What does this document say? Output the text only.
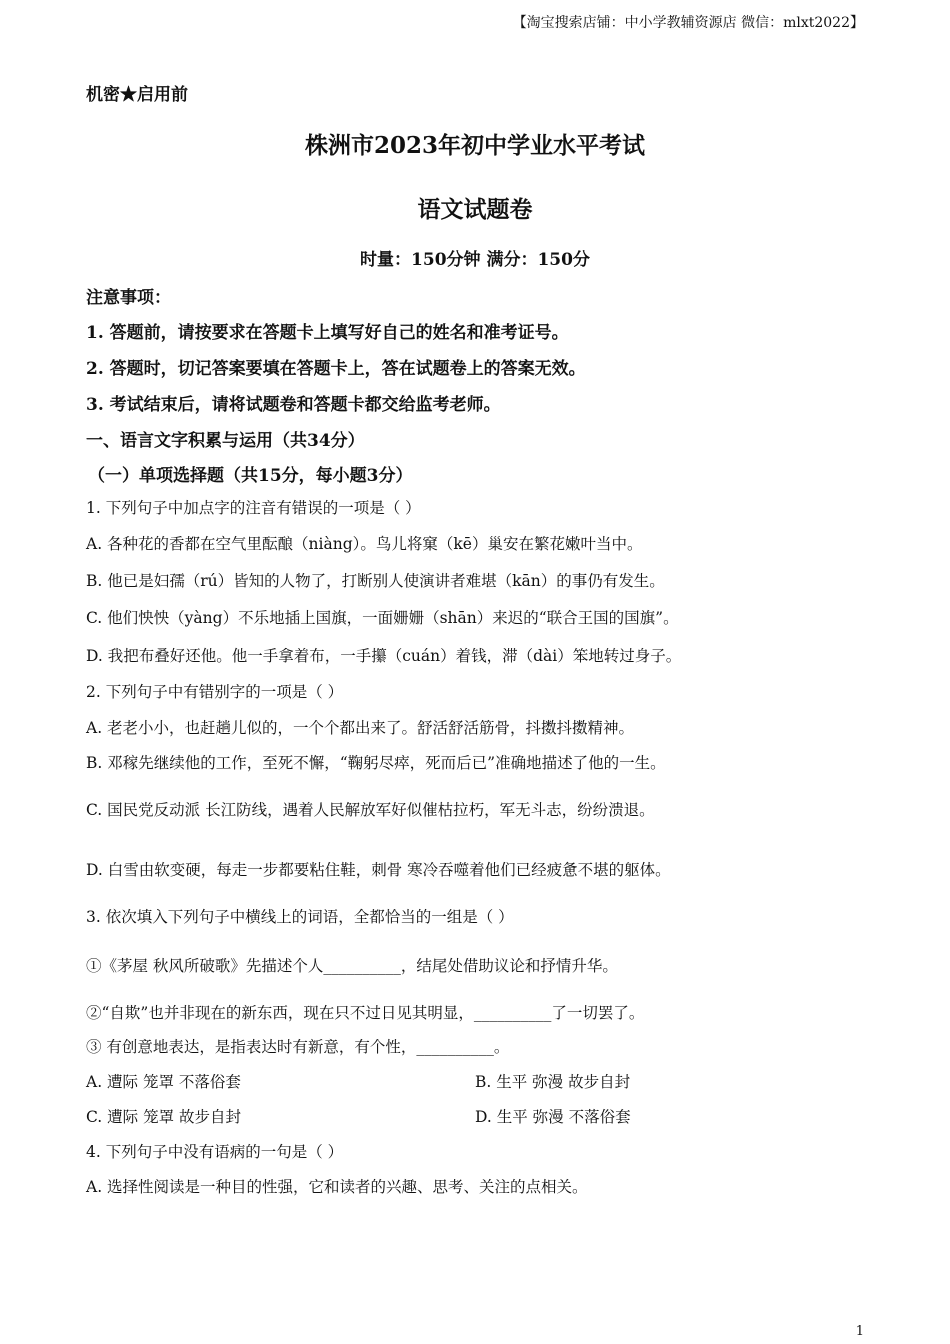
【淘宝搜索店铺：中小学教辅资源店 微信：mlxt2022】
机密★启用前
株洲市2023年初中学业水平考试
语文试题卷
时量：150分钟 满分：150分
注意事项：
1. 答题前，请按要求在答题卡上填写好自己的姓名和准考证号。
2. 答题时，切记答案要填在答题卡上，答在试题卷上的答案无效。
3. 考试结束后，请将试题卷和答题卡都交给监考老师。
一、语言文字积累与运用（共34分）
（一）单项选择题（共15分，每小题3分）
1. 下列句子中加点字的注音有错误的一项是（ ）
A. 各种花的香都在空气里酝酿（niàng）。鸟儿将窠（kē）巢安在繁花嫩叶当中。
B. 他已是妇孺（rú）皆知的人物了，打断别人使演讲者难堪（kān）的事仍有发生。
C. 他们怏怏（yàng）不乐地插上国旗，一面姗姗（shān）来迟的“联合王国的国旗”。
D. 我把布叠好还他。他一手拿着布，一手攥（cuán）着钱，滞（dài）笨地转过身子。
2. 下列句子中有错别字的一项是（ ）
A. 老老小小，也赶趟儿似的，一个个都出来了。舒活舒活筋骨，抖擞抖擞精神。
B. 邓稼先继续他的工作，至死不懈，“鞠躬尽瘁，死而后已”准确地描述了他的一生。
C. 国民党反动派 长江防线，遇着人民解放军好似催枯拉朽，军无斗志，纷纷溃退。
D. 白雪由软变硬，每走一步都要粘住鞋，刺骨 寒冷吞噬着他们已经疲惫不堪的躯体。
3. 依次填入下列句子中横线上的词语，全都恰当的一组是（ ）
①《茅屋 秋风所破歌》先描述个人__________，结尾处借助议论和抒情升华。
②“自欺”也并非现在的新东西，现在只不过日见其明显，__________了一切罢了。
③ 有创意地表达，是指表达时有新意，有个性，__________。
A. 遭际 笼罩 不落俗套	B. 生平 弥漫 故步自封
C. 遭际 笼罩 故步自封	D. 生平 弥漫 不落俗套
4. 下列句子中没有语病的一句是（ ）
A. 选择性阅读是一种目的性强，它和读者的兴趣、思考、关注的点相关。
1
